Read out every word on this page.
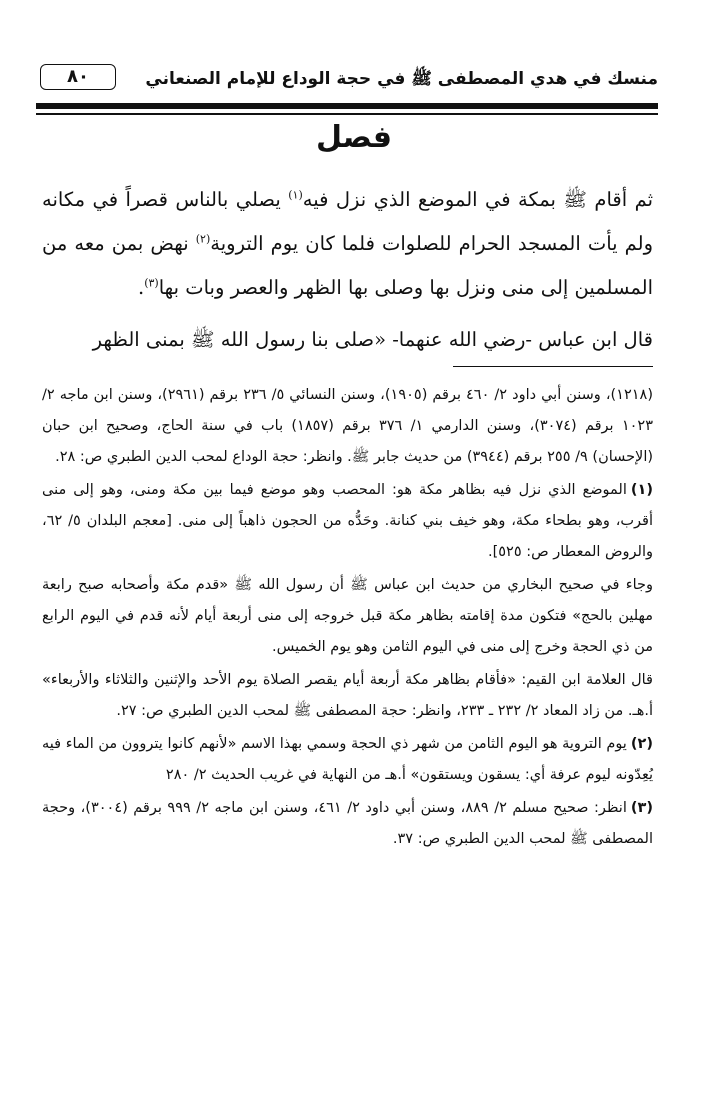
٨٠	منسك في هدي المصطفى ﷺ في حجة الوداع للإمام الصنعاني
فصل

ثم أقام ﷺ بمكة في الموضع الذي نزل فيه$^{(١)}$ يصلي بالناس قصراً في مكانه ولم يأت المسجد الحرام للصلوات فلما كان يوم التروية$^{(٢)}$ نهض بمن معه من المسلمين إلى منى ونزل بها وصلى بها الظهر والعصر وبات بها$^{(٣)}$.

قال ابن عباس -رضي الله عنهما- «صلى بنا رسول الله ﷺ بمنى الظهر

(١٢١٨)، وسنن أبي داود ٢/ ٤٦٠ برقم (١٩٠٥)، وسنن النسائي ٥/ ٢٣٦ برقم (٢٩٦١)، وسنن ابن ماجه ٢/ ١٠٢٣ برقم (٣٠٧٤)، وسنن الدارمي ١/ ٣٧٦ برقم (١٨٥٧) باب في سنة الحاج، وصحيح ابن حبان (الإحسان) ٩/ ٢٥٥ برقم (٣٩٤٤) من حديث جابر ﷺ. وانظر: حجة الوداع لمحب الدين الطبري ص: ٢٨.

(١)الموضع الذي نزل فيه بظاهر مكة هو: المحصب وهو موضع فيما بين مكة ومنى، وهو إلى منى أقرب، وهو بطحاء مكة، وهو خيف بني كنانة. وحَدُّه من الحجون ذاهباً إلى منى. [معجم البلدان ٥/ ٦٢، والروض المعطار ص: ٥٢٥].

وجاء في صحيح البخاري من حديث ابن عباس ﷺ أن رسول الله ﷺ «قدم مكة وأصحابه صبح رابعة مهلين بالحج» فتكون مدة إقامته بظاهر مكة قبل خروجه إلى منى أربعة أيام لأنه قدم في اليوم الرابع من ذي الحجة وخرج إلى منى في اليوم الثامن وهو يوم الخميس.

قال العلامة ابن القيم: «فأقام بظاهر مكة أربعة أيام يقصر الصلاة يوم الأحد والإثنين والثلاثاء والأربعاء» أ.هـ. من زاد المعاد ٢/ ٢٣٢ ـ ٢٣٣، وانظر: حجة المصطفى ﷺ لمحب الدين الطبري ص: ٢٧.

(٢)يوم التروية هو اليوم الثامن من شهر ذي الحجة وسمي بهذا الاسم «لأنهم كانوا يتروون من الماء فيه يُعِدّونه ليوم عرفة أي: يسقون ويستقون» أ.هـ من النهاية في غريب الحديث ٢/ ٢٨٠

(٣)انظر: صحيح مسلم ٢/ ٨٨٩، وسنن أبي داود ٢/ ٤٦١، وسنن ابن ماجه ٢/ ٩٩٩ برقم (٣٠٠٤)، وحجة المصطفى ﷺ لمحب الدين الطبري ص: ٣٧.
